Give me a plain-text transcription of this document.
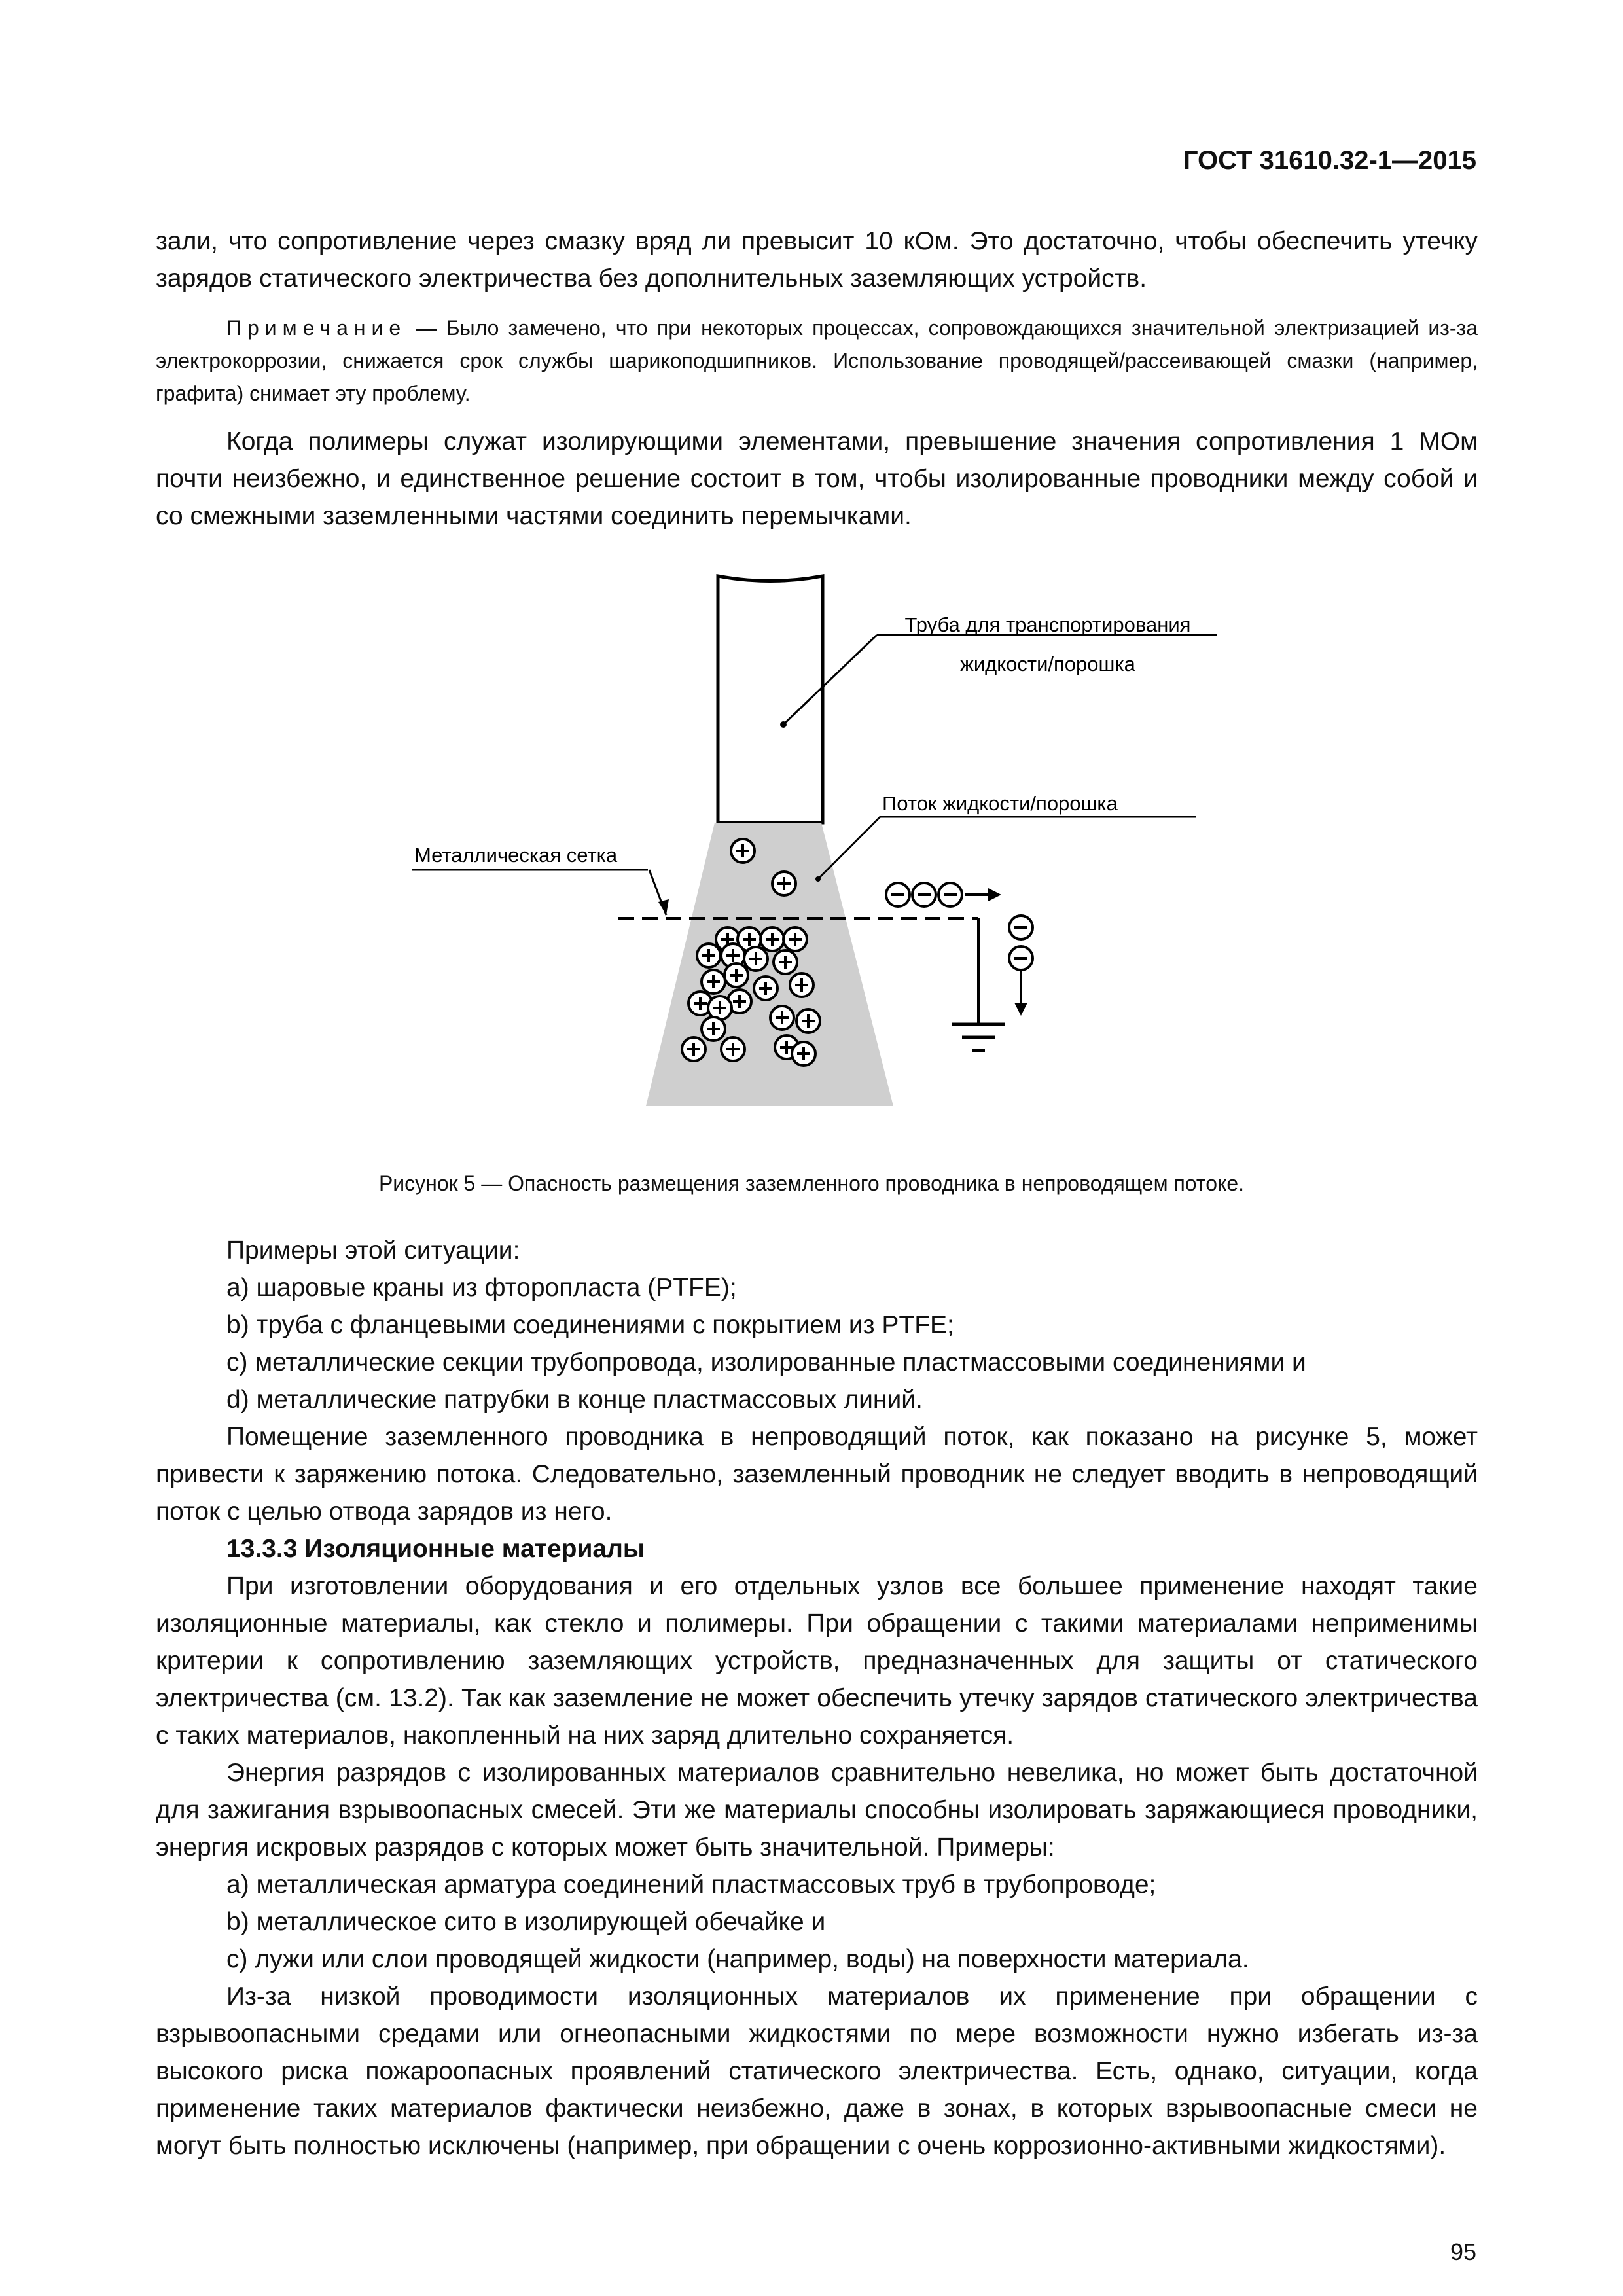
ГОСТ 31610.32-1—2015

зали, что сопротивление через смазку вряд ли превысит 10 кОм. Это достаточно, чтобы обеспечить утечку зарядов статического электричества без дополнительных заземляющих устройств.

Примечание — Было замечено, что при некоторых процессах, сопровождающихся значительной электризацией из-за электрокоррозии, снижается срок службы шарикоподшипников. Использование проводящей/рассеивающей смазки (например, графита) снимает эту проблему.

Когда полимеры служат изолирующими элементами, превышение значения сопротивления 1 МОм почти неизбежно, и единственное решение состоит в том, чтобы изолированные проводники между собой и со смежными заземленными частями соединить перемычками.

Труба для транспортирования
жидкости/порошка
Поток жидкости/порошка
Металлическая сетка
Рисунок 5 — Опасность размещения заземленного проводника в непроводящем потоке.

Примеры этой ситуации:

а) шаровые краны из фторопласта (PTFE);

b) труба с фланцевыми соединениями с покрытием из PTFE;

с) металлические секции трубопровода, изолированные пластмассовыми соединениями и

d) металлические патрубки в конце пластмассовых линий.

Помещение заземленного проводника в непроводящий поток, как показано на рисунке 5, может привести к заряжению потока. Следовательно, заземленный проводник не следует вводить в непроводящий поток с целью отвода зарядов из него.

13.3.3 Изоляционные материалы

При изготовлении оборудования и его отдельных узлов все большее применение находят такие изоляционные материалы, как стекло и полимеры. При обращении с такими материалами неприменимы критерии к сопротивлению заземляющих устройств, предназначенных для защиты от статического электричества (см. 13.2). Так как заземление не может обеспечить утечку зарядов статического электричества с таких материалов, накопленный на них заряд длительно сохраняется.

Энергия разрядов с изолированных материалов сравнительно невелика, но может быть достаточной для зажигания взрывоопасных смесей. Эти же материалы способны изолировать заряжающиеся проводники, энергия искровых разрядов с которых может быть значительной. Примеры:

а) металлическая арматура соединений пластмассовых труб в трубопроводе;

b) металлическое сито в изолирующей обечайке и

с) лужи или слои проводящей жидкости (например, воды) на поверхности материала.

Из-за низкой проводимости изоляционных материалов их применение при обращении с взрывоопасными средами или огнеопасными жидкостями по мере возможности нужно избегать из-за высокого риска пожароопасных проявлений статического электричества. Есть, однако, ситуации, когда применение таких материалов фактически неизбежно, даже в зонах, в которых взрывоопасные смеси не могут быть полностью исключены (например, при обращении с очень коррозионно-активными жидкостями).

95
